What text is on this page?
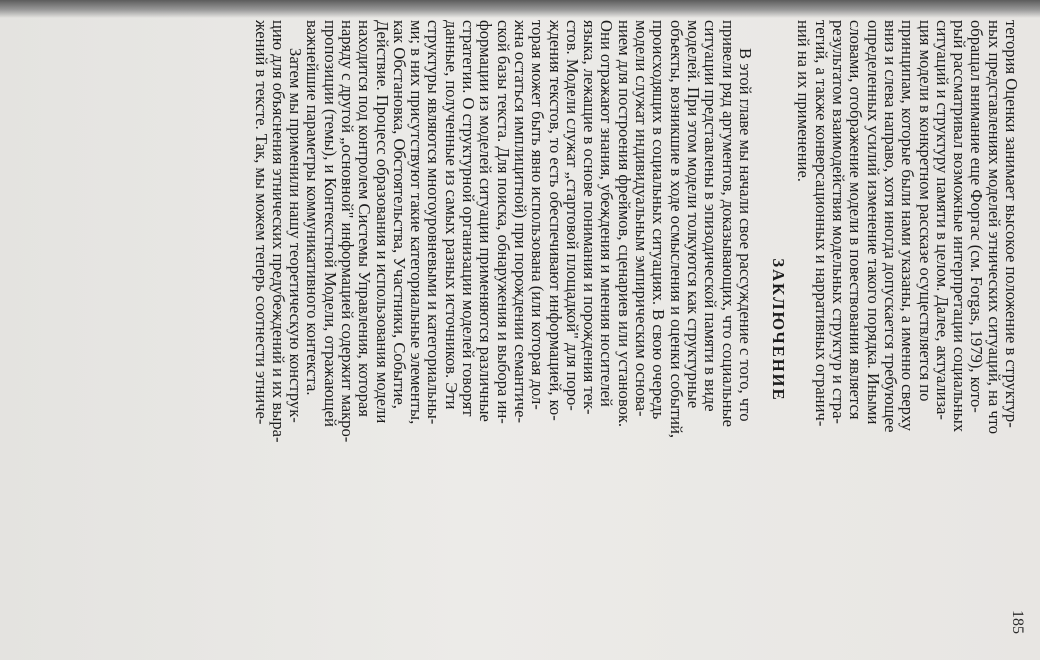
тегория Оценки занимает высокое положение в структур-
ных представлениях моделей этнических ситуаций, на что
обращал внимание еще Форгас (см. Forgas, 1979), кото-
рый рассматривал возможные интерпретации социальных
ситуаций и структуру памяти в целом. Далее, актуализа-
ция модели в конкретном рассказе осуществляется по
принципам, которые были нами указаны, а именно сверху
вниз и слева направо, хотя иногда допускается требующее
определенных усилий изменение такого порядка. Иными
словами, отображение модели в повествовании является
результатом взаимодействия модельных структур и стра-
тегий, а также конверсационных и нарративных огранич-
ний на их применение.
ЗАКЛЮЧЕНИЕ
В этой главе мы начали свое рассуждение с того, что
привели ряд аргументов, доказывающих, что социальные
ситуации представлены в эпизодической памяти в виде
моделей. При этом модели толкуются как структурные
объекты, возникшие в ходе осмысления и оценки событий,
происходящих в социальных ситуациях. В свою очередь
модели служат индивидуальным эмпирическим основа-
нием для построения фреймов, сценариев или установок.
Они отражают знания, убеждения и мнения носителей
языка, лежащие в основе понимания и порождения тек-
стов. Модели служат „стартовой площадкой" для поро-
ждения текстов, то есть обеспечивают информацией, ко-
торая может быть явно использована (или которая дол-
жна остаться имплицитной) при порождении семантиче-
ской базы текста. Для поиска, обнаружения и выбора ин-
формации из моделей ситуации применяются различные
стратегии. О структурной организации моделей говорят
данные, полученные из самых разных источников. Эти
структуры являются многоуровневыми и категориальны-
ми; в них присутствуют такие категориальные элементы,
как Обстановка, Обстоятельства, Участники, Событие,
Действие. Процесс образования и использования модели
находится под контролем Системы Управления, которая
наряду с другой „основной" информацией содержит макро-
пропозиции (темы), и Контекстной Модели, отражающей
важнейшие параметры коммуникативного контекста.
Затем мы применили нашу теоретическую конструк-
цию для объяснения этнических предубеждений и их выра-
жений в тексте. Так, мы можем теперь соотнести этниче-
185
